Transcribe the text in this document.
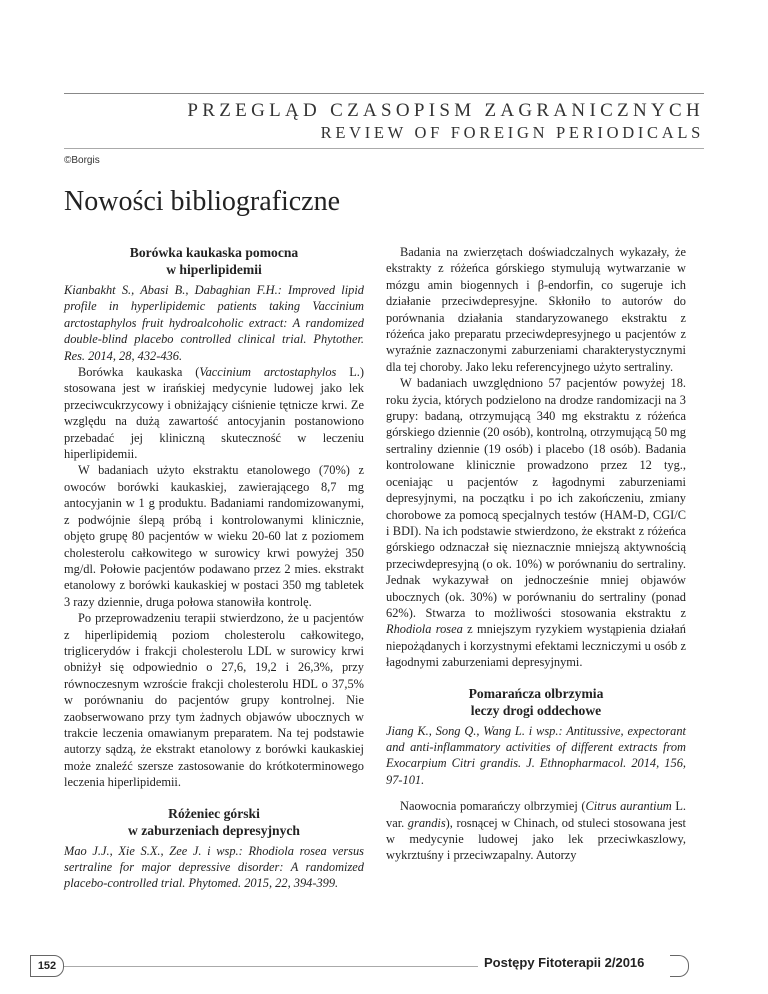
PRZEGLĄD CZASOPISM ZAGRANICZNYCH
REVIEW OF FOREIGN PERIODICALS
©Borgis
Nowości bibliograficzne
Borówka kaukaska pomocna
w hiperlipidemii

Kianbakht S., Abasi B., Dabaghian F.H.: Improved lipid profile in hyperlipidemic patients taking Vaccinium arctostaphylos fruit hydroalcoholic extract: A randomized double-blind placebo controlled clinical trial. Phytother. Res. 2014, 28, 432-436.

Borówka kaukaska (Vaccinium arctostaphylos L.) stosowana jest w irańskiej medycynie ludowej jako lek przeciwcukrzycowy i obniżający ciśnienie tętnicze krwi. Ze względu na dużą zawartość antocyjanin postanowiono przebadać jej kliniczną skuteczność w leczeniu hiperlipidemii.

W badaniach użyto ekstraktu etanolowego (70%) z owoców borówki kaukaskiej, zawierającego 8,7 mg antocyjanin w 1 g produktu. Badaniami randomizowanymi, z podwójnie ślepą próbą i kontrolowanymi klinicznie, objęto grupę 80 pacjentów w wieku 20-60 lat z poziomem cholesterolu całkowitego w surowicy krwi powyżej 350 mg/dl. Połowie pacjentów podawano przez 2 mies. ekstrakt etanolowy z borówki kaukaskiej w postaci 350 mg tabletek 3 razy dziennie, druga połowa stanowiła kontrolę.

Po przeprowadzeniu terapii stwierdzono, że u pacjentów z hiperlipidemią poziom cholesterolu całkowitego, triglicerydów i frakcji cholesterolu LDL w surowicy krwi obniżył się odpowiednio o 27,6, 19,2 i 26,3%, przy równoczesnym wzroście frakcji cholesterolu HDL o 37,5% w porównaniu do pacjentów grupy kontrolnej. Nie zaobserwowano przy tym żadnych objawów ubocznych w trakcie leczenia omawianym preparatem. Na tej podstawie autorzy sądzą, że ekstrakt etanolowy z borówki kaukaskiej może znaleźć szersze zastosowanie do krótkoterminowego leczenia hiperlipidemii.

Różeniec górski
w zaburzeniach depresyjnych

Mao J.J., Xie S.X., Zee J. i wsp.: Rhodiola rosea versus sertraline for major depressive disorder: A randomized placebo-controlled trial. Phytomed. 2015, 22, 394-399.

Badania na zwierzętach doświadczalnych wykazały, że ekstrakty z różeńca górskiego stymulują wytwarzanie w mózgu amin biogennych i β-endorfin, co sugeruje ich działanie przeciwdepresyjne. Skłoniło to autorów do porównania działania standaryzowanego ekstraktu z różeńca jako preparatu przeciwdepresyjnego u pacjentów z wyraźnie zaznaczonymi zaburzeniami charakterystycznymi dla tej choroby. Jako leku referencyjnego użyto sertraliny.

W badaniach uwzględniono 57 pacjentów powyżej 18. roku życia, których podzielono na drodze randomizacji na 3 grupy: badaną, otrzymującą 340 mg ekstraktu z różeńca górskiego dziennie (20 osób), kontrolną, otrzymującą 50 mg sertraliny dziennie (19 osób) i placebo (18 osób). Badania kontrolowane klinicznie prowadzono przez 12 tyg., oceniając u pacjentów z łagodnymi zaburzeniami depresyjnymi, na początku i po ich zakończeniu, zmiany chorobowe za pomocą specjalnych testów (HAM-D, CGI/C i BDI). Na ich podstawie stwierdzono, że ekstrakt z różeńca górskiego odznaczał się nieznacznie mniejszą aktywnością przeciwdepresyjną (o ok. 10%) w porównaniu do sertraliny. Jednak wykazywał on jednocześnie mniej objawów ubocznych (ok. 30%) w porównaniu do sertraliny (ponad 62%). Stwarza to możliwości stosowania ekstraktu z Rhodiola rosea z mniejszym ryzykiem wystąpienia działań niepożądanych i korzystnymi efektami leczniczymi u osób z łagodnymi zaburzeniami depresyjnymi.

Pomarańcza olbrzymia
leczy drogi oddechowe

Jiang K., Song Q., Wang L. i wsp.: Antitussive, expectorant and anti-inflammatory activities of different extracts from Exocarpium Citri grandis. J. Ethnopharmacol. 2014, 156, 97-101.

Naowocnia pomarańczy olbrzymiej (Citrus aurantium L. var. grandis), rosnącej w Chinach, od stuleci stosowana jest w medycynie ludowej jako lek przeciwkaszlowy, wykrztuśny i przeciwzapalny. Autorzy

152	Postępy Fitoterapii 2/2016
